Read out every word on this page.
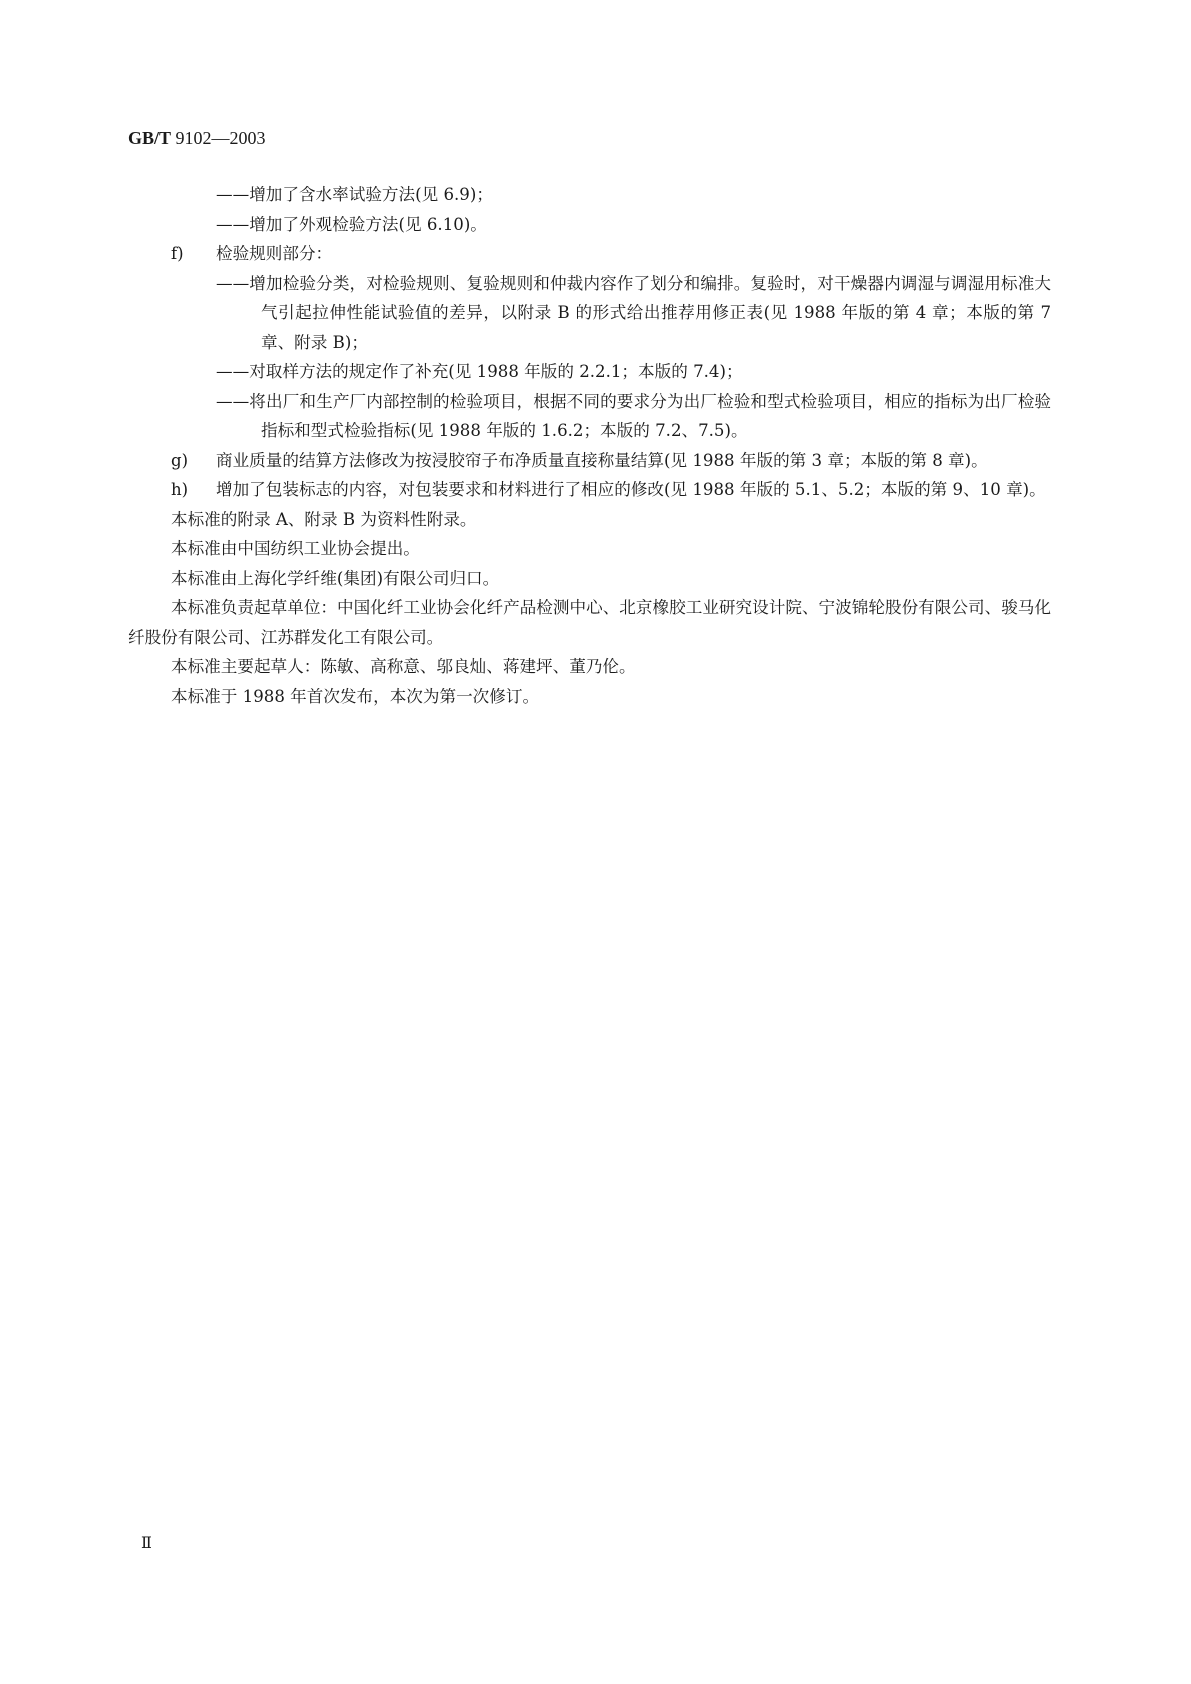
GB/T 9102—2003
——增加了含水率试验方法(见 6.9)；
——增加了外观检验方法(见 6.10)。
f) 检验规则部分：
——增加检验分类，对检验规则、复验规则和仲裁内容作了划分和编排。复验时，对干燥器内调湿与调湿用标准大气引起拉伸性能试验值的差异，以附录 B 的形式给出推荐用修正表(见 1988 年版的第 4 章；本版的第 7 章、附录 B)；
——对取样方法的规定作了补充(见 1988 年版的 2.2.1；本版的 7.4)；
——将出厂和生产厂内部控制的检验项目，根据不同的要求分为出厂检验和型式检验项目，相应的指标为出厂检验指标和型式检验指标(见 1988 年版的 1.6.2；本版的 7.2、7.5)。
g) 商业质量的结算方法修改为按浸胶帘子布净质量直接称量结算(见 1988 年版的第 3 章；本版的第 8 章)。
h) 增加了包装标志的内容，对包装要求和材料进行了相应的修改(见 1988 年版的 5.1、5.2；本版的第 9、10 章)。
本标准的附录 A、附录 B 为资料性附录。
本标准由中国纺织工业协会提出。
本标准由上海化学纤维(集团)有限公司归口。
本标准负责起草单位：中国化纤工业协会化纤产品检测中心、北京橡胶工业研究设计院、宁波锦轮股份有限公司、骏马化纤股份有限公司、江苏群发化工有限公司。
本标准主要起草人：陈敏、高称意、邬良灿、蒋建坪、董乃伦。
本标准于 1988 年首次发布，本次为第一次修订。
Ⅱ
